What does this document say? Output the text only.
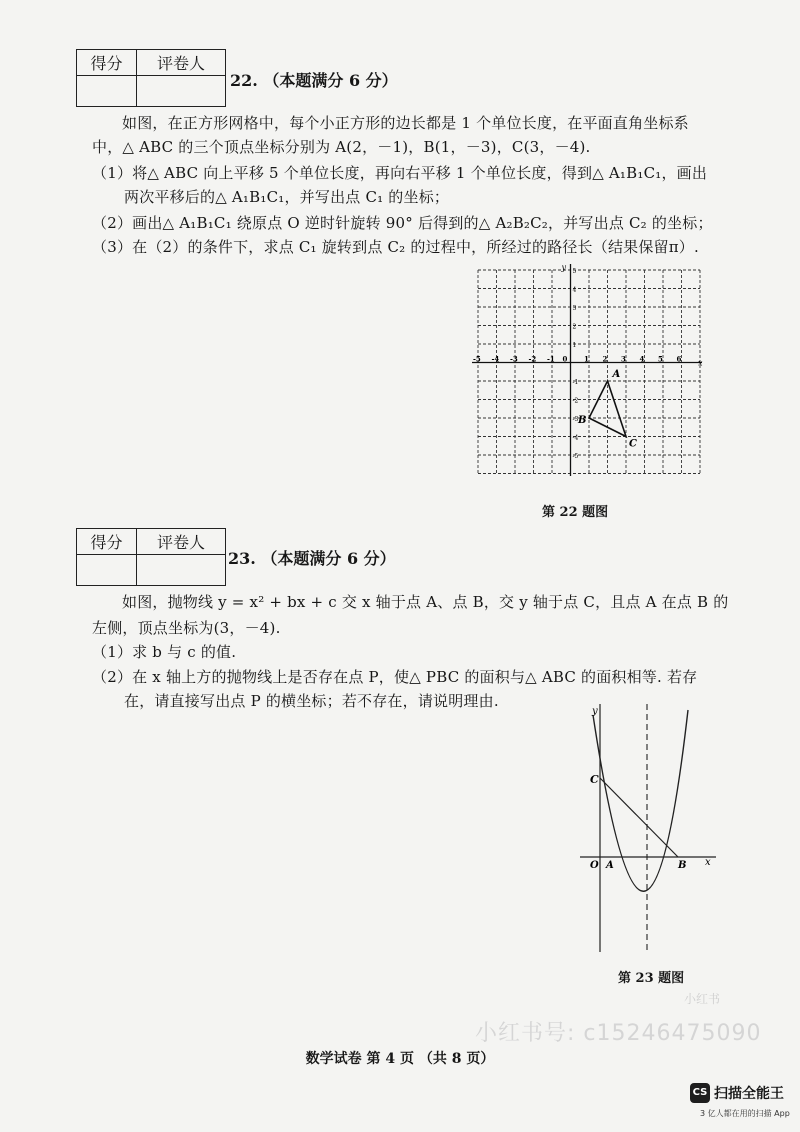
得分	评卷人

22. （本题满分 6 分）
如图，在正方形网格中，每个小正方形的边长都是 1 个单位长度，在平面直角坐标系
中，△ ABC 的三个顶点坐标分别为 A(2，－1)，B(1，－3)，C(3，－4).
（1）将△ ABC 向上平移 5 个单位长度，再向右平移 1 个单位长度，得到△ A₁B₁C₁，画出
两次平移后的△ A₁B₁C₁，并写出点 C₁ 的坐标；
（2）画出△ A₁B₁C₁ 绕原点 O 逆时针旋转 90° 后得到的△ A₂B₂C₂，并写出点 C₂ 的坐标；
（3）在（2）的条件下，求点 C₁ 旋转到点 C₂ 的过程中，所经过的路径长（结果保留π）.
x
y
-5 -4 -3 -2 -1 0 1 2 3 4 5 6
5
4
3
2
1
-1
-2
-3
-4
-5
A
B
C
第 22 题图
得分	评卷人

23. （本题满分 6 分）
如图，抛物线 y = x² + bx + c 交 x 轴于点 A、点 B，交 y 轴于点 C，且点 A 在点 B 的
左侧，顶点坐标为(3，－4).
（1）求 b 与 c 的值.
（2）在 x 轴上方的抛物线上是否存在点 P，使△ PBC 的面积与△ ABC 的面积相等. 若存
在，请直接写出点 P 的横坐标；若不存在，请说明理由.
y
C
O A	B x
第 23 题图
小红书
小红书号: c15246475090
数学试卷 第 4 页 （共 8 页）
CS 扫描全能王
3 亿人都在用的扫描 App
